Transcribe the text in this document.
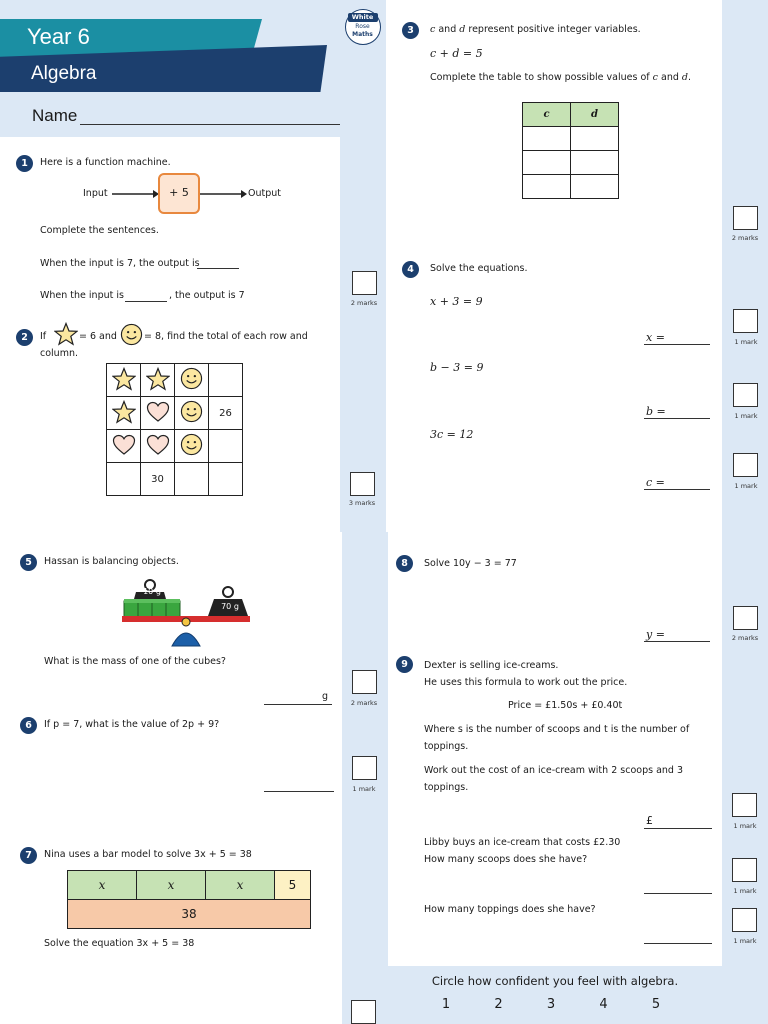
Year 6
Algebra
Name
White
Rose
Maths
1	Here is a function machine.
Input	+ 5	Output
Complete the sentences.
When the input is 7, the output is
When the input is	, the output is 7
2 marks
2	If	= 6 and	= 8, find the total of each row and
column.

			26

	30		
3 marks
3	c and d represent positive integer variables.
c + d = 5
Complete the table to show possible values of c and d.
c	d

2 marks
4	Solve the equations.
x + 3 = 9
x =	1 mark
b − 3 = 9
b =	1 mark
3c = 12
c =	1 mark
5	Hassan is balancing objects.
10 g
70 g
What is the mass of one of the cubes?
g
2 marks
6	If p = 7, what is the value of 2p + 9?
1 mark
7	Nina uses a bar model to solve 3x + 5 = 38
x	x	x	5
38
Solve the equation 3x + 5 = 38
8	Solve 10y − 3 = 77
y =	2 marks
9	Dexter is selling ice-creams.
He uses this formula to work out the price.
Price = £1.50s + £0.40t
Where s is the number of scoops and t is the number of
toppings.
Work out the cost of an ice-cream with 2 scoops and 3
toppings.
£	1 mark
Libby buys an ice-cream that costs £2.30
How many scoops does she have?
1 mark
How many toppings does she have?
1 mark
Circle how confident you feel with algebra.
1	2	3	4	5
